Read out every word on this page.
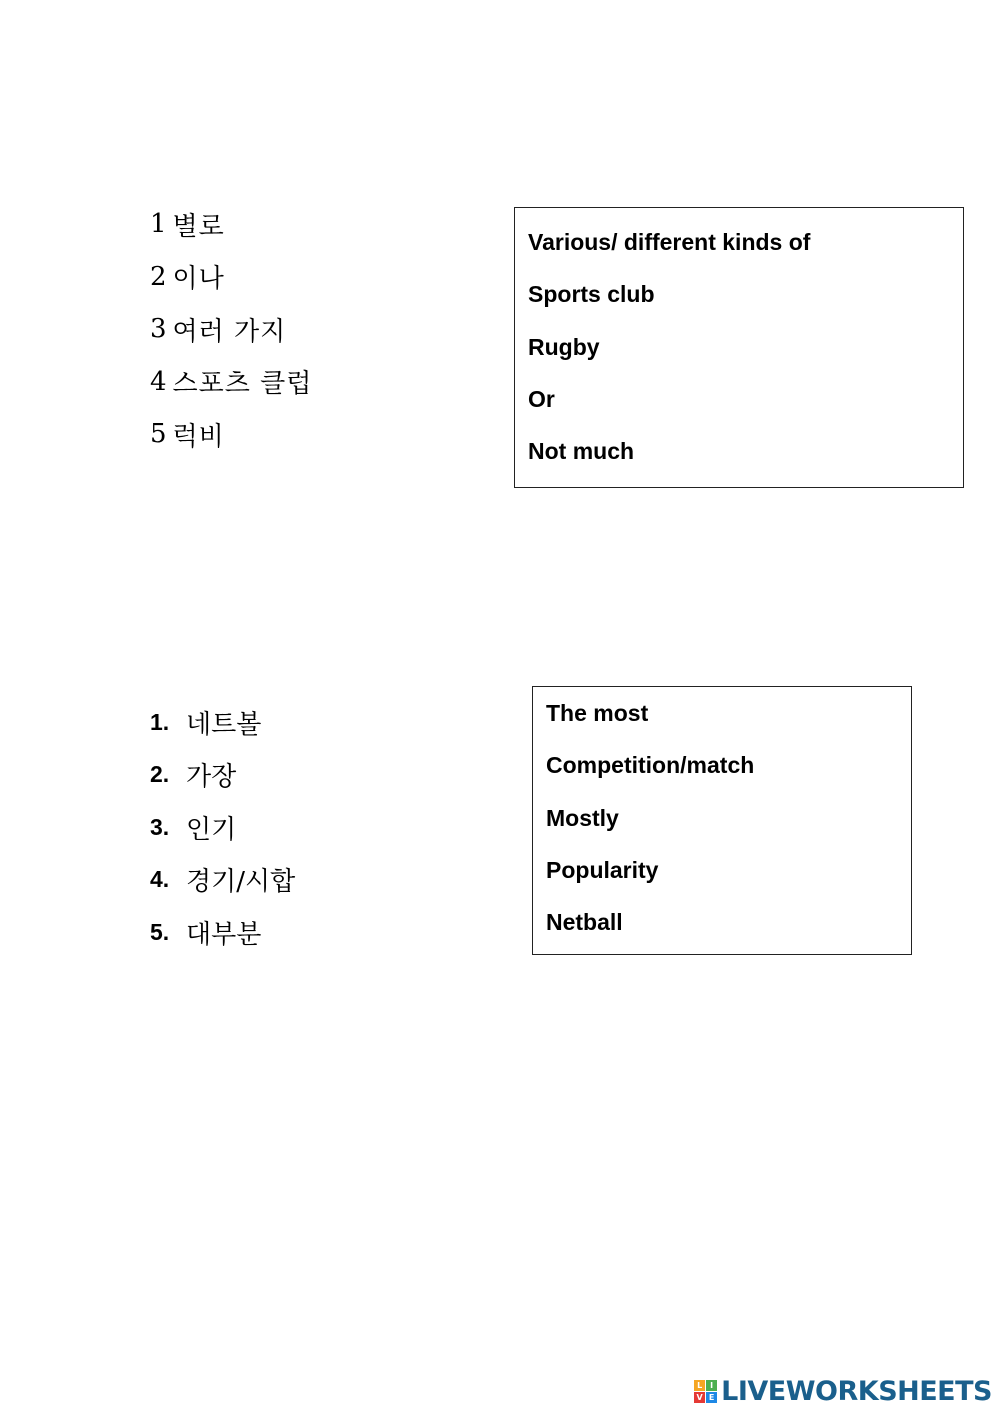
1 별로
2 이나
3 여러 가지
4 스포츠 클럽
5 럭비
Various/ different kinds of
Sports club
Rugby
Or
Not much
1. 네트볼
2. 가장
3. 인기
4. 경기/시합
5. 대부분
The most
Competition/match
Mostly
Popularity
Netball
L I
V E LIVEWORKSHEETS
